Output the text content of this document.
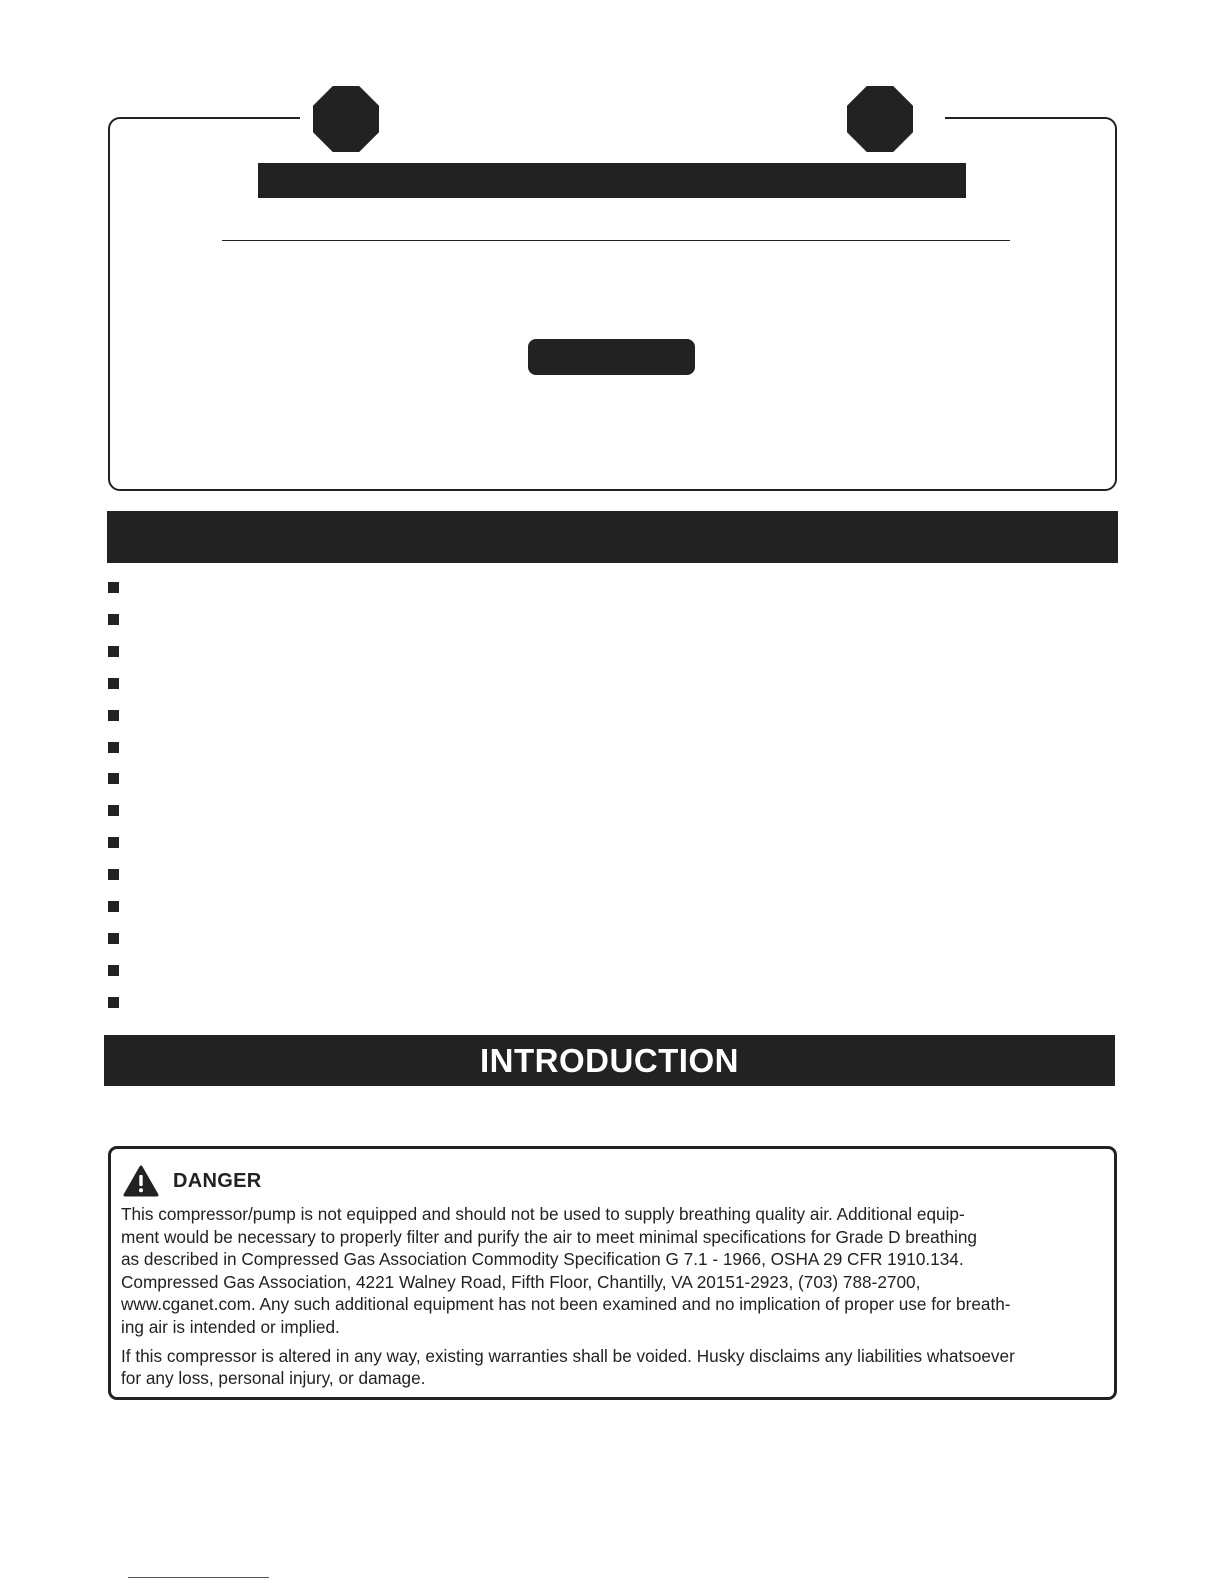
INTRODUCTION
DANGER

This compressor/pump is not equipped and should not be used to supply breathing quality air. Additional equip-
ment would be necessary to properly filter and purify the air to meet minimal specifications for Grade D breathing
as described in Compressed Gas Association Commodity Specification G 7.1 - 1966, OSHA 29 CFR 1910.134.
Compressed Gas Association, 4221 Walney Road, Fifth Floor, Chantilly, VA 20151-2923, (703) 788-2700,
www.cganet.com. Any such additional equipment has not been examined and no implication of proper use for breath-
ing air is intended or implied.

If this compressor is altered in any way, existing warranties shall be voided. Husky disclaims any liabilities whatsoever
for any loss, personal injury, or damage.
